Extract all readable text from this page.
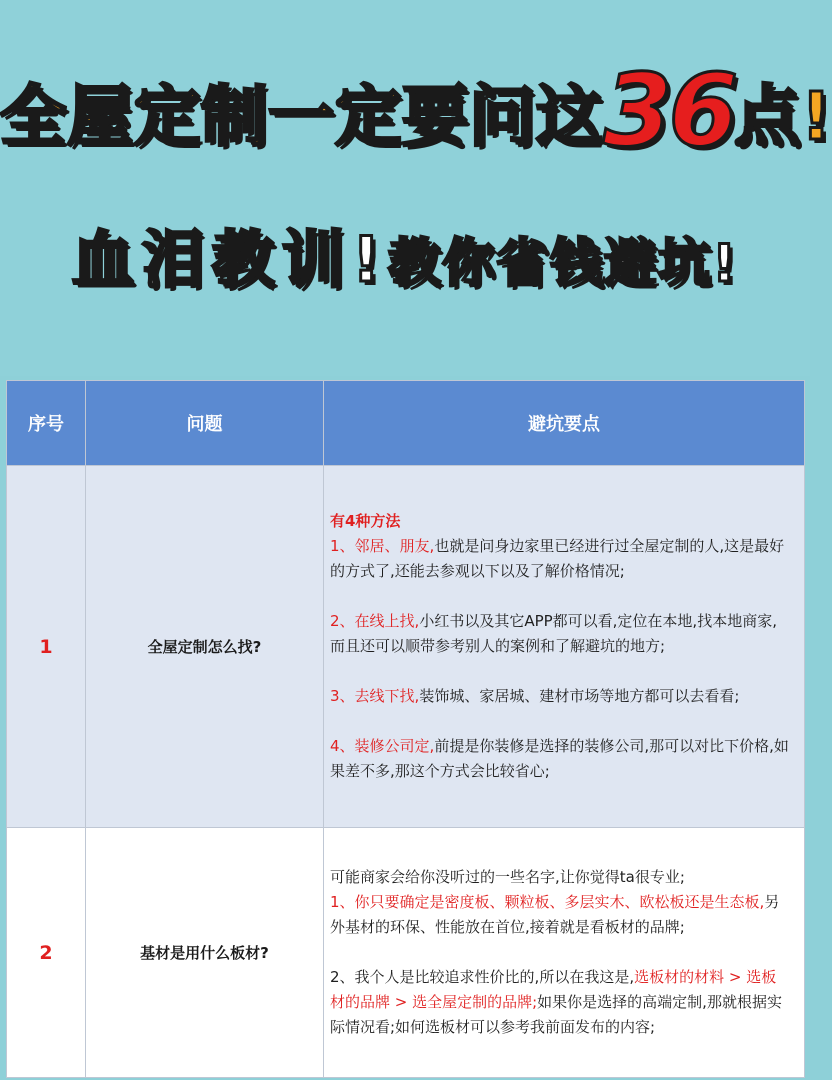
全屋定制一定要问这36点!
血泪教训!教你省钱避坑!
序号	问题	避坑要点
1	全屋定制怎么找?	有4种方法

1、邻居、朋友,也就是问身边家里已经进行过全屋定制的人,这是最好的方式了,还能去参观以下以及了解价格情况;

2、在线上找,小红书以及其它APP都可以看,定位在本地,找本地商家,而且还可以顺带参考别人的案例和了解避坑的地方;

3、去线下找,装饰城、家居城、建材市场等地方都可以去看看;

4、装修公司定,前提是你装修是选择的装修公司,那可以对比下价格,如果差不多,那这个方式会比较省心;

2	基材是用什么板材?	可能商家会给你没听过的一些名字,让你觉得ta很专业;

1、你只要确定是密度板、颗粒板、多层实木、欧松板还是生态板,另外基材的环保、性能放在首位,接着就是看板材的品牌;

2、我个人是比较追求性价比的,所以在我这是,选板材的材料 > 选板材的品牌 > 选全屋定制的品牌;如果你是选择的高端定制,那就根据实际情况看;如何选板材可以参考我前面发布的内容;
